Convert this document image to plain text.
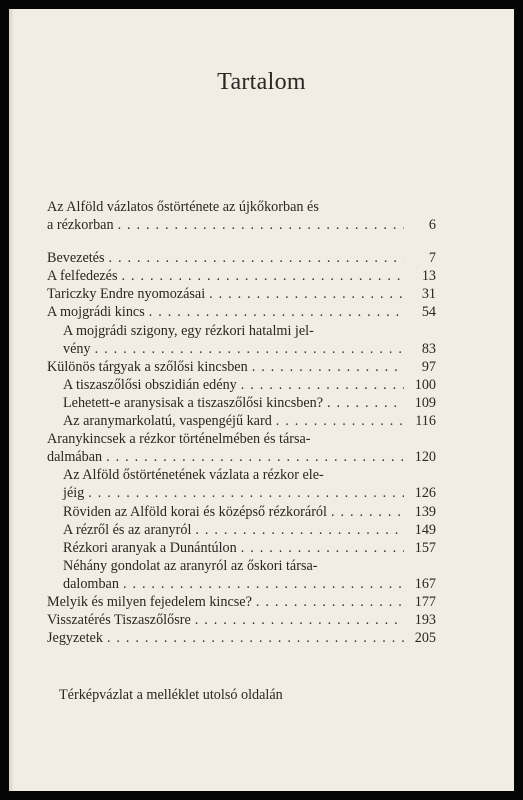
Tartalom
Az Alföld vázlatos őstörténete az újkőkorban és
a rézkorban . . .	6
Bevezetés . . .	7
A felfedezés . . .	13
Tariczky Endre nyomozásai . . .	31
A mojgrádi kincs . . .	54
A mojgrádi szigony, egy rézkori hatalmi jel-
vény . . .	83
Különös tárgyak a szőlősi kincsben . . .	97
A tiszaszőlősi obszidián edény . . .	100
Lehetett-e aranysisak a tiszaszőlősi kincsben? . . .	109
Az aranymarkolatú, vaspengéjű kard . . .	116
Aranykincsek a rézkor történelmében és társa-
dalmában . . .	120
Az Alföld őstörténetének vázlata a rézkor ele-
jéig . . .	126
Röviden az Alföld korai és középső rézkoráról . . .	139
A rézről és az aranyról . . .	149
Rézkori aranyak a Dunántúlon . . .	157
Néhány gondolat az aranyról az őskori társa-
dalomban . . .	167
Melyik és milyen fejedelem kincse? . . .	177
Visszatérés Tiszaszőlősre . . .	193
Jegyzetek . . .	205
Térképvázlat a melléklet utolsó oldalán
